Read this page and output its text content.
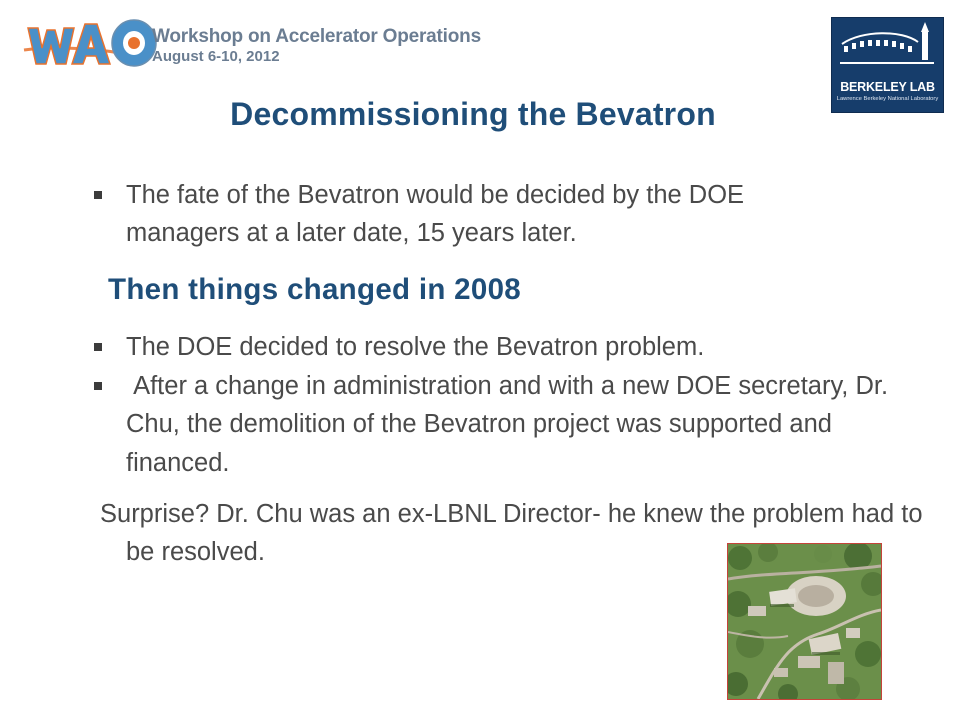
Workshop on Accelerator Operations
August 6-10, 2012
BERKELEY LAB
Lawrence Berkeley National Laboratory
Decommissioning the Bevatron
The fate of the Bevatron would be decided by the DOE managers at a later date, 15 years later.
Then things changed in 2008
The DOE decided to resolve the Bevatron problem.
After a change in administration and with a new DOE secretary, Dr. Chu, the demolition of the Bevatron project was supported and financed.
Surprise? Dr. Chu was an ex-LBNL Director- he knew the problem had to be resolved.
